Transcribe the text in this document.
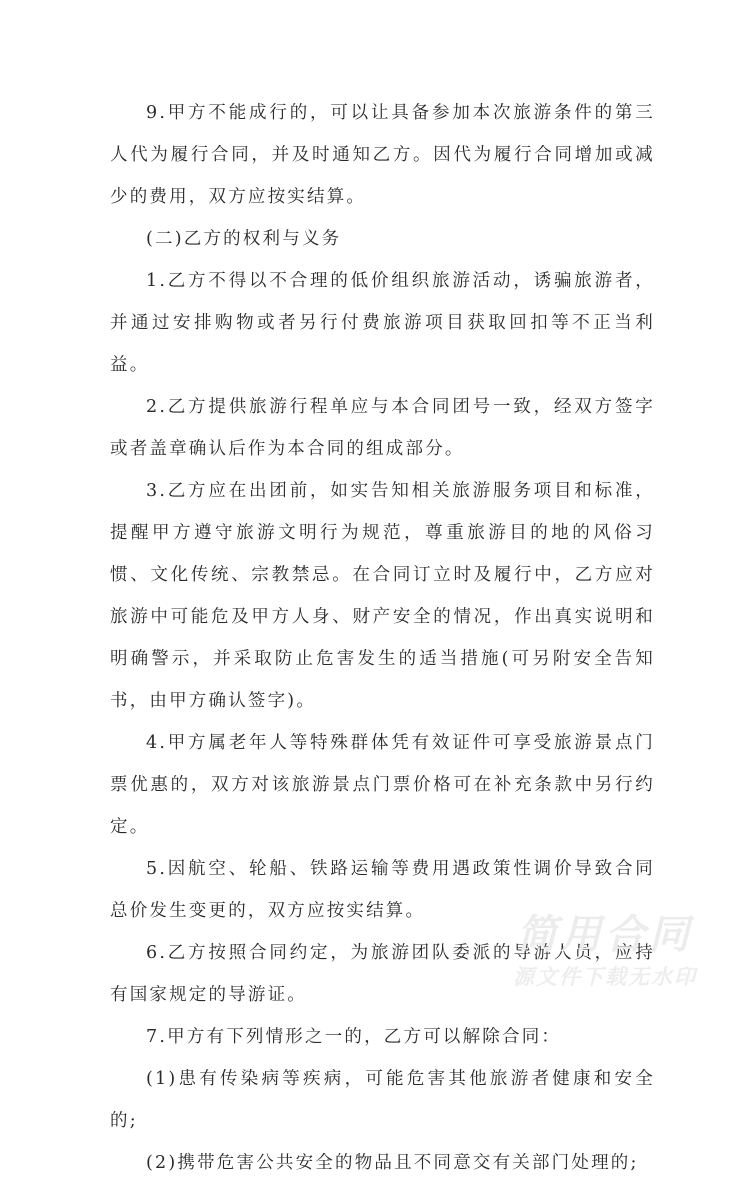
9.甲方不能成行的，可以让具备参加本次旅游条件的第三人代为履行合同，并及时通知乙方。因代为履行合同增加或减少的费用，双方应按实结算。

(二)乙方的权利与义务

1.乙方不得以不合理的低价组织旅游活动，诱骗旅游者，并通过安排购物或者另行付费旅游项目获取回扣等不正当利益。

2.乙方提供旅游行程单应与本合同团号一致，经双方签字或者盖章确认后作为本合同的组成部分。

3.乙方应在出团前，如实告知相关旅游服务项目和标准，提醒甲方遵守旅游文明行为规范，尊重旅游目的地的风俗习惯、文化传统、宗教禁忌。在合同订立时及履行中，乙方应对旅游中可能危及甲方人身、财产安全的情况，作出真实说明和明确警示，并采取防止危害发生的适当措施(可另附安全告知书，由甲方确认签字)。

4.甲方属老年人等特殊群体凭有效证件可享受旅游景点门票优惠的，双方对该旅游景点门票价格可在补充条款中另行约定。

5.因航空、轮船、铁路运输等费用遇政策性调价导致合同总价发生变更的，双方应按实结算。

6.乙方按照合同约定，为旅游团队委派的导游人员，应持有国家规定的导游证。

7.甲方有下列情形之一的，乙方可以解除合同：

(1)患有传染病等疾病，可能危害其他旅游者健康和安全的;

(2)携带危害公共安全的物品且不同意交有关部门处理的;

简用合同
源文件下载无水印
